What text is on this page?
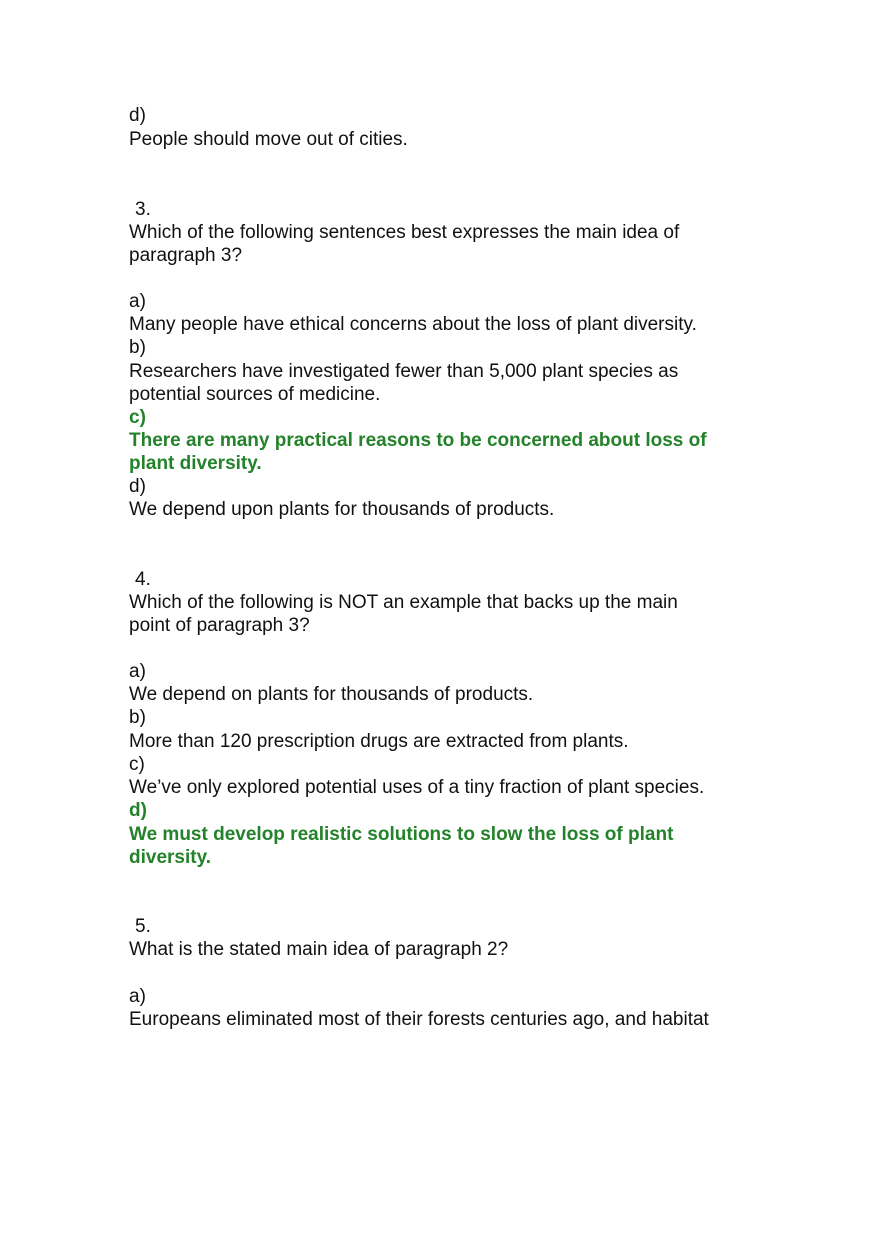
d)

People should move out of cities.

3.

Which of the following sentences best expresses the main idea of

paragraph 3?

a)

Many people have ethical concerns about the loss of plant diversity.

b)

Researchers have investigated fewer than 5,000 plant species as

potential sources of medicine.

c)

There are many practical reasons to be concerned about loss of

plant diversity.

d)

We depend upon plants for thousands of products.

4.

Which of the following is NOT an example that backs up the main

point of paragraph 3?

a)

We depend on plants for thousands of products.

b)

More than 120 prescription drugs are extracted from plants.

c)

We’ve only explored potential uses of a tiny fraction of plant species.

d)

We must develop realistic solutions to slow the loss of plant

diversity.

5.

What is the stated main idea of paragraph 2?

a)

Europeans eliminated most of their forests centuries ago, and habitat
